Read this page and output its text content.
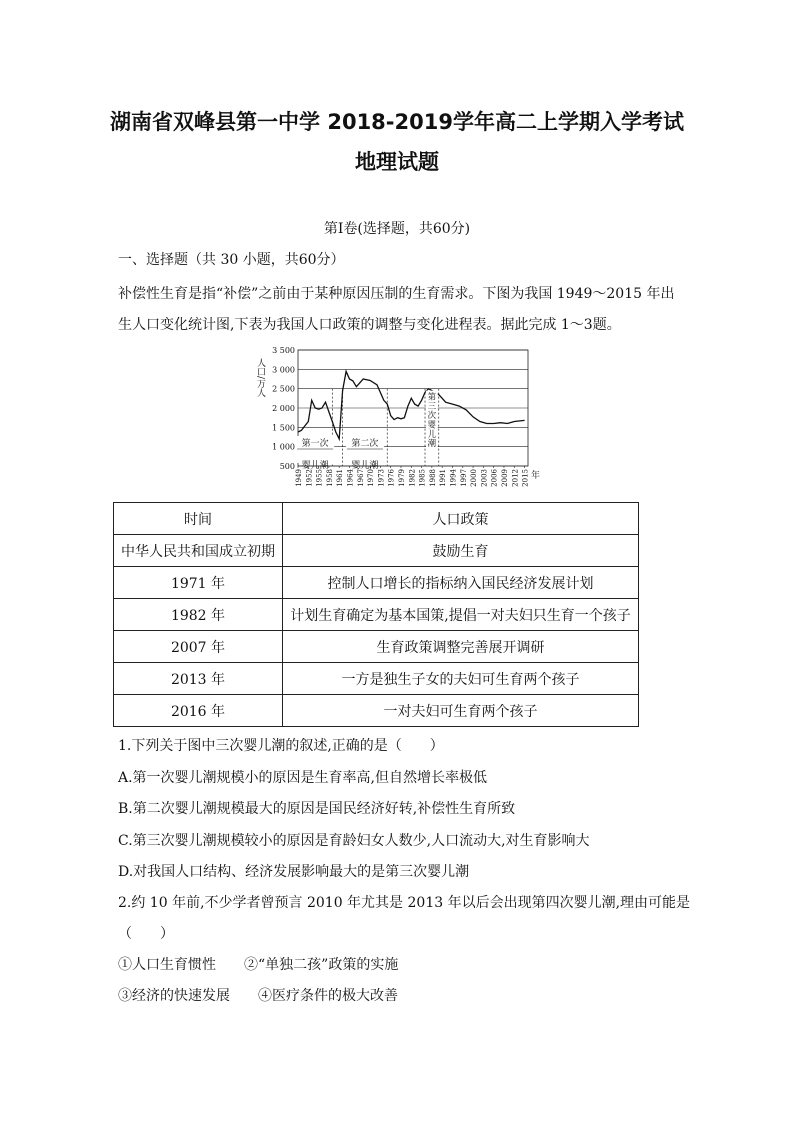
湖南省双峰县第一中学 2018-2019学年高二上学期入学考试
地理试题
第Ⅰ卷(选择题，共60分)
一、选择题（共 30 小题，共60分）
补偿性生育是指“补偿”之前由于某种原因压制的生育需求。下图为我国 1949～2015 年出
生人口变化统计图,下表为我国人口政策的调整与变化进程表。据此完成 1～3题。
500
1 000
1 500
2 000
2 500
3 000
3 500
1949 1952 1955 1958 1961 1964 1967 1970 1973 1976 1979 1982 1985 1988 1991 1994 1997 2000 2003 2006 2009 2012 2015
第一次
婴儿潮
第二次
婴儿潮
第
三
次
婴
儿
潮
人口/万人
年
时间	人口政策
中华人民共和国成立初期	鼓励生育
1971 年	控制人口增长的指标纳入国民经济发展计划
1982 年	计划生育确定为基本国策,提倡一对夫妇只生育一个孩子
2007 年	生育政策调整完善展开调研
2013 年	一方是独生子女的夫妇可生育两个孩子
2016 年	一对夫妇可生育两个孩子
1.下列关于图中三次婴儿潮的叙述,正确的是（　　）
A.第一次婴儿潮规模小的原因是生育率高,但自然增长率极低
B.第二次婴儿潮规模最大的原因是国民经济好转,补偿性生育所致
C.第三次婴儿潮规模较小的原因是育龄妇女人数少,人口流动大,对生育影响大
D.对我国人口结构、经济发展影响最大的是第三次婴儿潮
2.约 10 年前,不少学者曾预言 2010 年尤其是 2013 年以后会出现第四次婴儿潮,理由可能是
（　　）
①人口生育惯性　　②“单独二孩”政策的实施
③经济的快速发展　　④医疗条件的极大改善
